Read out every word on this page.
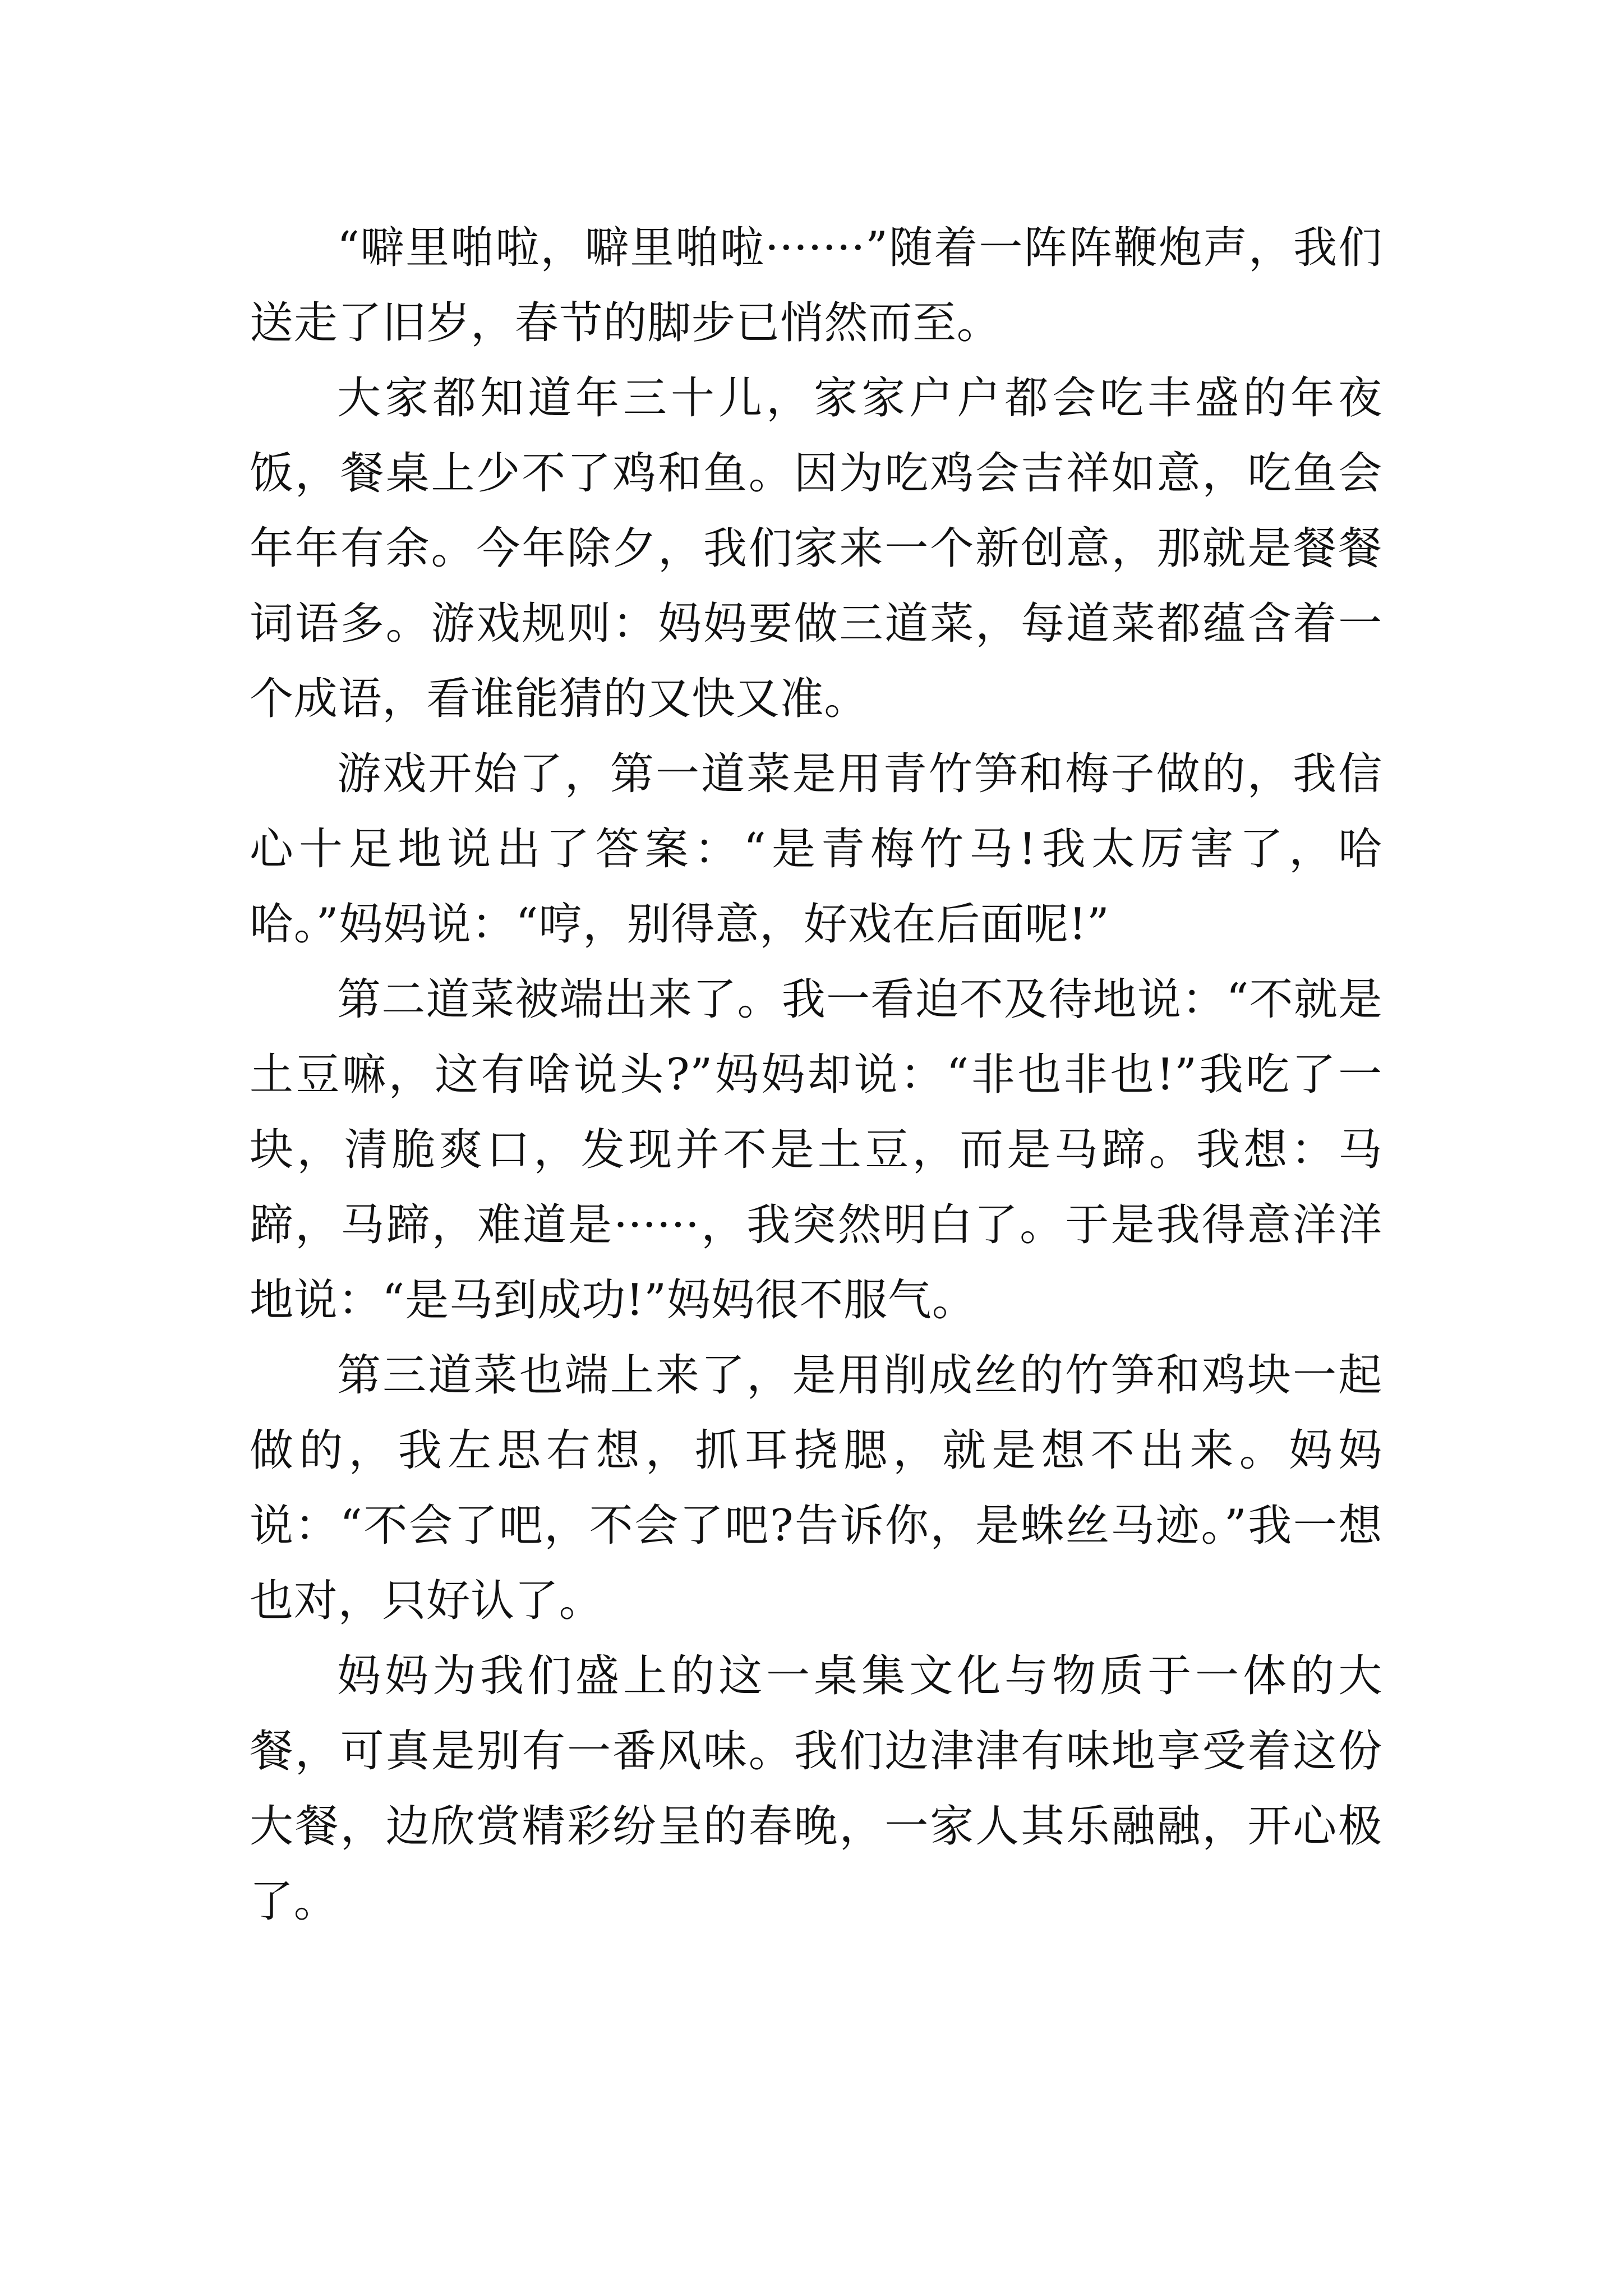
“噼里啪啦，噼里啪啦·······”随着一阵阵鞭炮声，我们送走了旧岁，春节的脚步已悄然而至。

大家都知道年三十儿，家家户户都会吃丰盛的年夜饭，餐桌上少不了鸡和鱼。因为吃鸡会吉祥如意，吃鱼会年年有余。今年除夕，我们家来一个新创意，那就是餐餐词语多。游戏规则：妈妈要做三道菜，每道菜都蕴含着一个成语，看谁能猜的又快又准。

游戏开始了，第一道菜是用青竹笋和梅子做的，我信心十足地说出了答案：“是青梅竹马!我太厉害了，哈哈。”妈妈说：“哼，别得意，好戏在后面呢!”

第二道菜被端出来了。我一看迫不及待地说：“不就是土豆嘛，这有啥说头?”妈妈却说：“非也非也!”我吃了一块，清脆爽口，发现并不是土豆，而是马蹄。我想：马蹄，马蹄，难道是······，我突然明白了。于是我得意洋洋地说：“是马到成功!”妈妈很不服气。

第三道菜也端上来了，是用削成丝的竹笋和鸡块一起做的，我左思右想，抓耳挠腮，就是想不出来。妈妈说：“不会了吧，不会了吧?告诉你，是蛛丝马迹。”我一想也对，只好认了。

妈妈为我们盛上的这一桌集文化与物质于一体的大餐，可真是别有一番风味。我们边津津有味地享受着这份大餐，边欣赏精彩纷呈的春晚，一家人其乐融融，开心极了。
